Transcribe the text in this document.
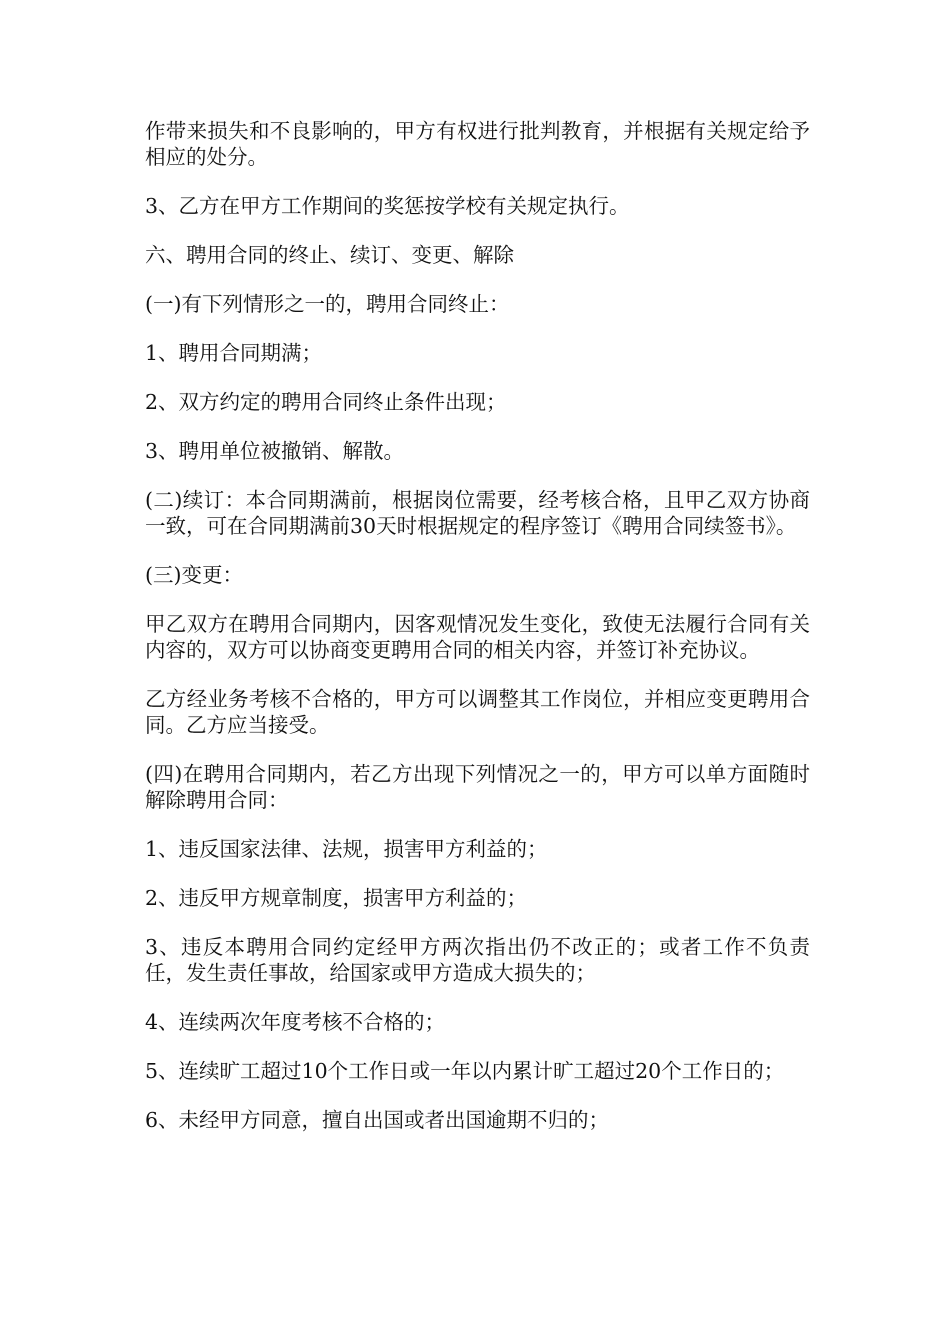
作带来损失和不良影响的，甲方有权进行批判教育，并根据有关规定给予相应的处分。

3、乙方在甲方工作期间的奖惩按学校有关规定执行。

六、聘用合同的终止、续订、变更、解除

(一)有下列情形之一的，聘用合同终止：

1、聘用合同期满；

2、双方约定的聘用合同终止条件出现；

3、聘用单位被撤销、解散。

(二)续订：本合同期满前，根据岗位需要，经考核合格，且甲乙双方协商一致，可在合同期满前30天时根据规定的程序签订《聘用合同续签书》。

(三)变更：

甲乙双方在聘用合同期内，因客观情况发生变化，致使无法履行合同有关内容的，双方可以协商变更聘用合同的相关内容，并签订补充协议。

乙方经业务考核不合格的，甲方可以调整其工作岗位，并相应变更聘用合同。乙方应当接受。

(四)在聘用合同期内，若乙方出现下列情况之一的，甲方可以单方面随时解除聘用合同：

1、违反国家法律、法规，损害甲方利益的；

2、违反甲方规章制度，损害甲方利益的；

3、违反本聘用合同约定经甲方两次指出仍不改正的；或者工作不负责任，发生责任事故，给国家或甲方造成大损失的；

4、连续两次年度考核不合格的；

5、连续旷工超过10个工作日或一年以内累计旷工超过20个工作日的；

6、未经甲方同意，擅自出国或者出国逾期不归的；
